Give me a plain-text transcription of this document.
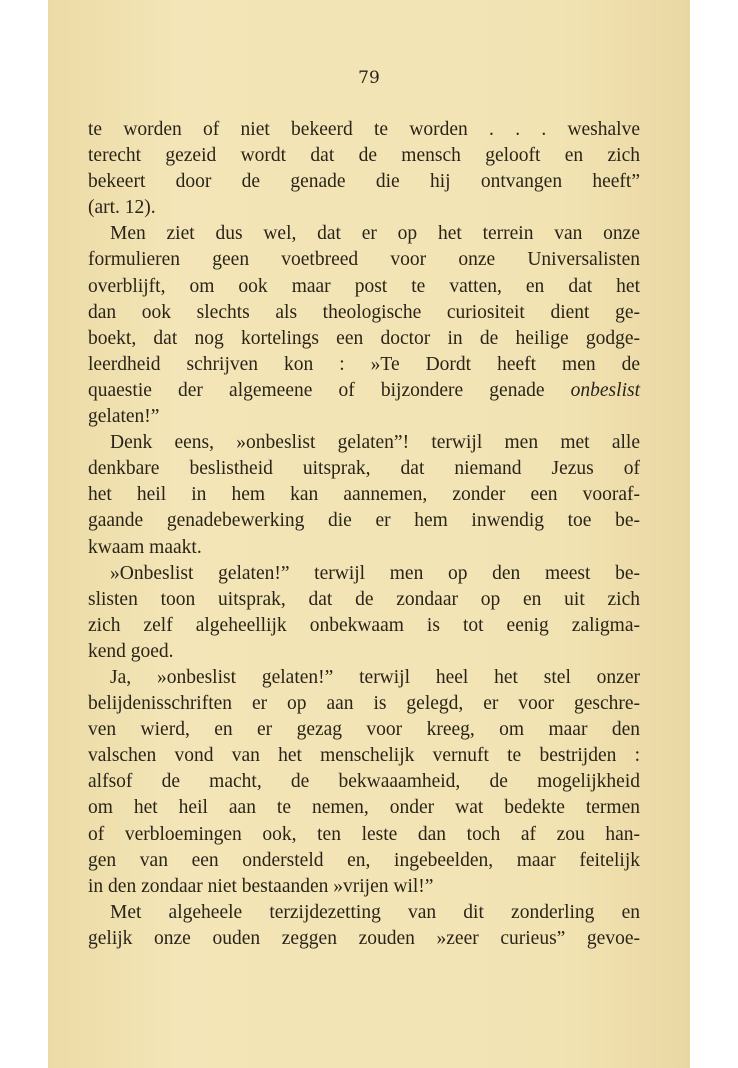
79
te worden of niet bekeerd te worden . . . weshalve
terecht gezeid wordt dat de mensch gelooft en zich
bekeert door de genade die hij ontvangen heeft”
(art. 12).
Men ziet dus wel, dat er op het terrein van onze
formulieren geen voetbreed voor onze Universalisten
overblijft, om ook maar post te vatten, en dat het
dan ook slechts als theologische curiositeit dient ge-
boekt, dat nog kortelings een doctor in de heilige godge-
leerdheid schrijven kon : »Te Dordt heeft men de
quaestie der algemeene of bijzondere genade onbeslist
gelaten!”
Denk eens, »onbeslist gelaten”! terwijl men met alle
denkbare beslistheid uitsprak, dat niemand Jezus of
het heil in hem kan aannemen, zonder een vooraf-
gaande genadebewerking die er hem inwendig toe be-
kwaam maakt.
»Onbeslist gelaten!” terwijl men op den meest be-
slisten toon uitsprak, dat de zondaar op en uit zich
zich zelf algeheellijk onbekwaam is tot eenig zaligma-
kend goed.
Ja, »onbeslist gelaten!” terwijl heel het stel onzer
belijdenisschriften er op aan is gelegd, er voor geschre-
ven wierd, en er gezag voor kreeg, om maar den
valschen vond van het menschelijk vernuft te bestrijden :
alfsof de macht, de bekwaaamheid, de mogelijkheid
om het heil aan te nemen, onder wat bedekte termen
of verbloemingen ook, ten leste dan toch af zou han-
gen van een ondersteld en, ingebeelden, maar feitelijk
in den zondaar niet bestaanden »vrijen wil!”
Met algeheele terzijdezetting van dit zonderling en
gelijk onze ouden zeggen zouden »zeer curieus” gevoe-
